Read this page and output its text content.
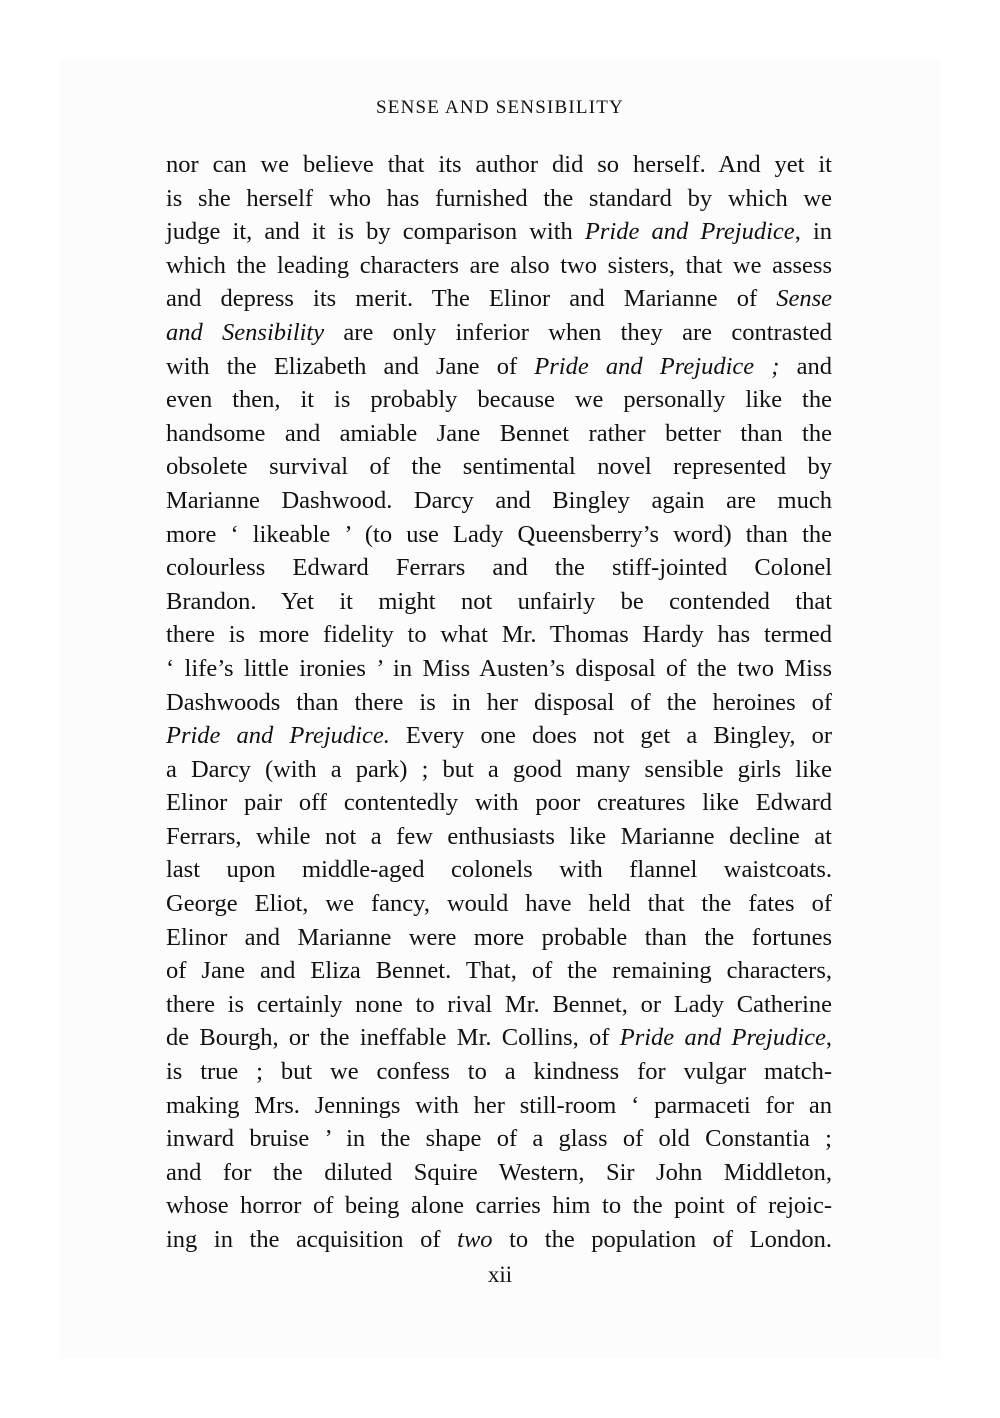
SENSE AND SENSIBILITY
nor can we believe that its author did so herself. And yet it
is she herself who has furnished the standard by which we
judge it, and it is by comparison with Pride and Prejudice, in
which the leading characters are also two sisters, that we assess
and depress its merit. The Elinor and Marianne of Sense
and Sensibility are only inferior when they are contrasted
with the Elizabeth and Jane of Pride and Prejudice ; and
even then, it is probably because we personally like the
handsome and amiable Jane Bennet rather better than the
obsolete survival of the sentimental novel represented by
Marianne Dashwood. Darcy and Bingley again are much
more ‘ likeable ’ (to use Lady Queensberry’s word) than the
colourless Edward Ferrars and the stiff-jointed Colonel
Brandon. Yet it might not unfairly be contended that
there is more fidelity to what Mr. Thomas Hardy has termed
‘ life’s little ironies ’ in Miss Austen’s disposal of the two Miss
Dashwoods than there is in her disposal of the heroines of
Pride and Prejudice. Every one does not get a Bingley, or
a Darcy (with a park) ; but a good many sensible girls like
Elinor pair off contentedly with poor creatures like Edward
Ferrars, while not a few enthusiasts like Marianne decline at
last upon middle-aged colonels with flannel waistcoats.
George Eliot, we fancy, would have held that the fates of
Elinor and Marianne were more probable than the fortunes
of Jane and Eliza Bennet. That, of the remaining characters,
there is certainly none to rival Mr. Bennet, or Lady Catherine
de Bourgh, or the ineffable Mr. Collins, of Pride and Prejudice,
is true ; but we confess to a kindness for vulgar match-
making Mrs. Jennings with her still-room ‘ parmaceti for an
inward bruise ’ in the shape of a glass of old Constantia ;
and for the diluted Squire Western, Sir John Middleton,
whose horror of being alone carries him to the point of rejoic-
ing in the acquisition of two to the population of London.
xii
